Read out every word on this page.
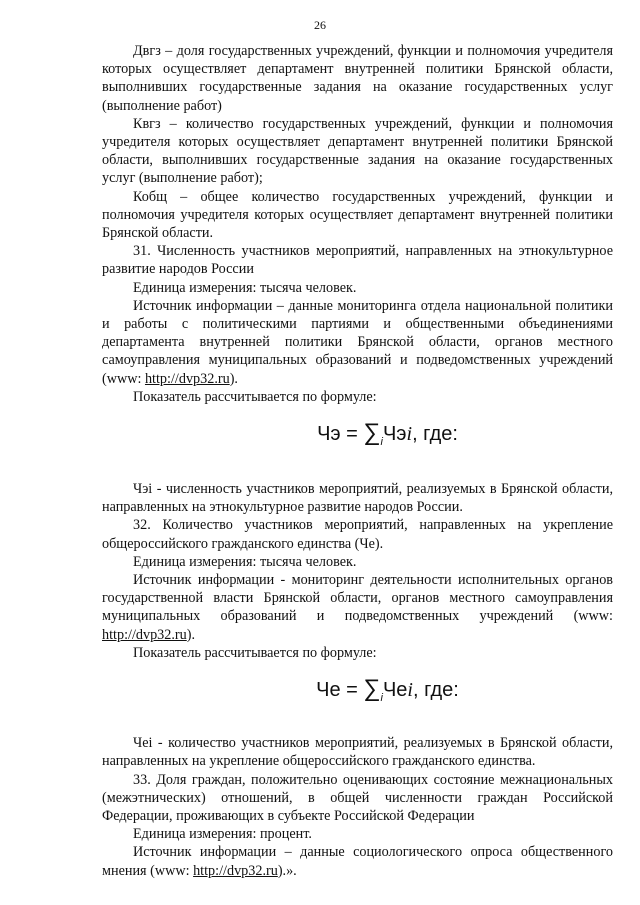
26

Двгз – доля государственных учреждений, функции и полномочия учредителя которых осуществляет департамент внутренней политики Брянской области, выполнивших государственные задания на оказание государственных услуг (выполнение работ)

Квгз – количество государственных учреждений, функции и полномочия учредителя которых осуществляет департамент внутренней политики Брянской области, выполнивших государственные задания на оказание государственных услуг (выполнение работ);

Кобщ – общее количество государственных учреждений, функции и полномочия учредителя которых осуществляет департамент внутренней политики Брянской области.

31. Численность участников мероприятий, направленных на этнокультурное развитие народов России

Единица измерения: тысяча человек.

Источник информации – данные мониторинга отдела национальной политики и работы с политическими партиями и общественными объединениями департамента внутренней политики Брянской области, органов местного самоуправления муниципальных образований и подведомственных учреждений (www: http://dvp32.ru).

Показатель рассчитывается по формуле:

Чэ = $\sum_iЧэi$, где:

Чэi - численность участников мероприятий, реализуемых в Брянской области, направленных на этнокультурное развитие народов России.

32. Количество участников мероприятий, направленных на укрепление общероссийского гражданского единства (Че).

Единица измерения: тысяча человек.

Источник информации - мониторинг деятельности исполнительных органов государственной власти Брянской области, органов местного самоуправления муниципальных образований и подведомственных учреждений (www: http://dvp32.ru).

Показатель рассчитывается по формуле:

Че = $\sum_iЧеi$, где:

Чеi - количество участников мероприятий, реализуемых в Брянской области, направленных на укрепление общероссийского гражданского единства.

33. Доля граждан, положительно оценивающих состояние межнациональных (межэтнических) отношений, в общей численности граждан Российской Федерации, проживающих в субъекте Российской Федерации

Единица измерения: процент.

Источник информации – данные социологического опроса общественного мнения (www: http://dvp32.ru).».
